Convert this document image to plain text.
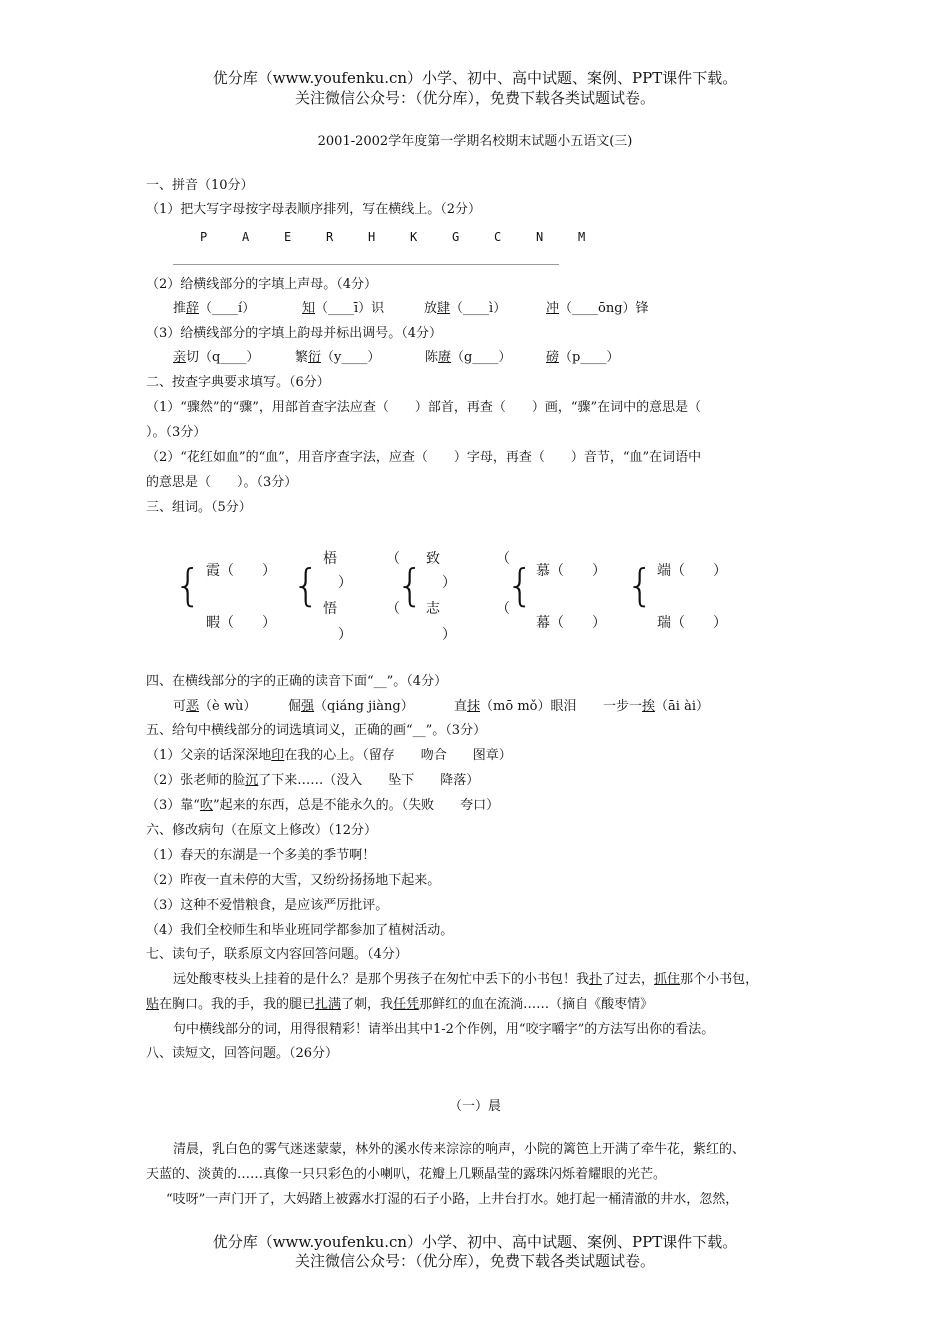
优分库（www.youfenku.cn）小学、初中、高中试题、案例、PPT课件下载。
关注微信公众号：（优分库），免费下载各类试题试卷。
2001-2002学年度第一学期名校期末试题小五语文(三)
一、拼音（10分）
（1）把大写字母按字母表顺序排列，写在横线上。（2分）
P	A	E	R	H	K	G	C	N	M
（2）给横线部分的字填上声母。（4分）
推辞（____í）	知（____ī）识	放肆（____ì）	冲（____ōng）锋
（3）给横线部分的字填上韵母并标出调号。（4分）
亲切（q____）	繁衍（y____）	陈赓（g____）	磅（p____）
二、按查字典要求填写。（6分）
（1）“骤然”的“骤”，用部首查字法应查（　　）部首，再查（　　）画，“骤”在词中的意思是（
）。（3分）
（2）“花红如血”的“血”，用音序查字法，应查（　　）字母，再查（　　）音节，“血”在词语中
的意思是（　　）。（3分）
三、组词。（5分）
{ 霞（　　）
暇（　　）
{
梧
）
悟
）
（
（
{
致
）
志
）
（
（
{ 慕（　　）
幕（　　）
{ 端（　　）
瑞（　　）
四、在横线部分的字的正确的读音下面“__”。（4分）
可恶（è wù） 倔强（qiáng jiàng）	直抹（mō mǒ）眼泪 一步一挨（āi ài）
五、给句中横线部分的词选填词义，正确的画“__”。（3分）
（1）父亲的话深深地印在我的心上。（留存　　吻合　　图章）
（2）张老师的脸沉了下来……（没入　　坠下　　降落）
（3）靠“吹”起来的东西，总是不能永久的。（失败　　夸口）
六、修改病句（在原文上修改）（12分）
（1）春天的东湖是一个多美的季节啊！
（2）昨夜一直未停的大雪，又纷纷扬扬地下起来。
（3）这种不爱惜粮食，是应该严厉批评。
（4）我们全校师生和毕业班同学都参加了植树活动。
七、读句子，联系原文内容回答问题。（4分）
远处酸枣枝头上挂着的是什么？是那个男孩子在匆忙中丢下的小书包！我扑了过去，抓住那个小书包，
贴在胸口。我的手，我的腿已扎满了刺，我任凭那鲜红的血在流淌……（摘自《酸枣情》
句中横线部分的词，用得很精彩！请举出其中1-2个作例，用“咬字嚼字”的方法写出你的看法。
八、读短文，回答问题。（26分）
（一）晨
清晨，乳白色的雾气迷迷蒙蒙，林外的溪水传来淙淙的响声，小院的篱笆上开满了牵牛花，紫红的、
天蓝的、淡黄的……真像一只只彩色的小喇叭，花瓣上几颗晶莹的露珠闪烁着耀眼的光芒。
“吱呀”一声门开了，大妈踏上被露水打湿的石子小路，上井台打水。她打起一桶清澈的井水，忽然，
优分库（www.youfenku.cn）小学、初中、高中试题、案例、PPT课件下载。
关注微信公众号：（优分库），免费下载各类试题试卷。
